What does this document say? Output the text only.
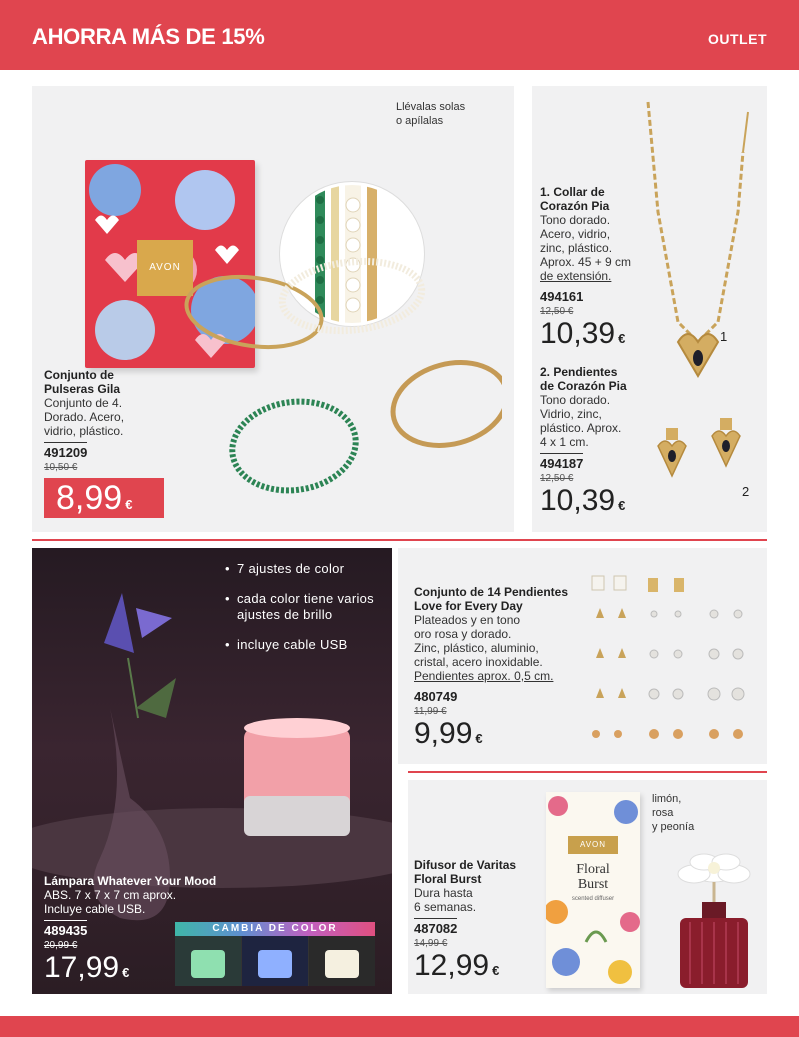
AHORRA MÁS DE 15%	OUTLET
AVON
Llévalas solas
o apílalas
Conjunto de
Pulseras Gila
Conjunto de 4.
Dorado. Acero,
vidrio, plástico.
491209
10,50 €
8,99 €
1
2
1. Collar de
Corazón Pia
Tono dorado.
Acero, vidrio,
zinc, plástico.
Aprox. 45 + 9 cm
de extensión.
494161
12,50 €
10,39 €
2. Pendientes
de Corazón Pia
Tono dorado.
Vidrio, zinc,
plástico. Aprox.
4 x 1 cm.
494187
12,50 €
10,39 €
• 7 ajustes de color
• cada color tiene varios
ajustes de brillo
• incluye cable USB
Lámpara Whatever Your Mood
ABS. 7 x 7 x 7 cm aprox.
Incluye cable USB.
489435
20,99 €
17,99 €
CAMBIA DE COLOR
Conjunto de 14 Pendientes
Love for Every Day
Plateados y en tono
oro rosa y dorado.
Zinc, plástico, aluminio,
cristal, acero inoxidable.
Pendientes aprox. 0,5 cm.
480749
11,99 €
9,99 €
AVON
Floral
Burst
scented diffuser
limón,
rosa
y peonía
Difusor de Varitas
Floral Burst
Dura hasta
6 semanas.
487082
14,99 €
12,99 €
